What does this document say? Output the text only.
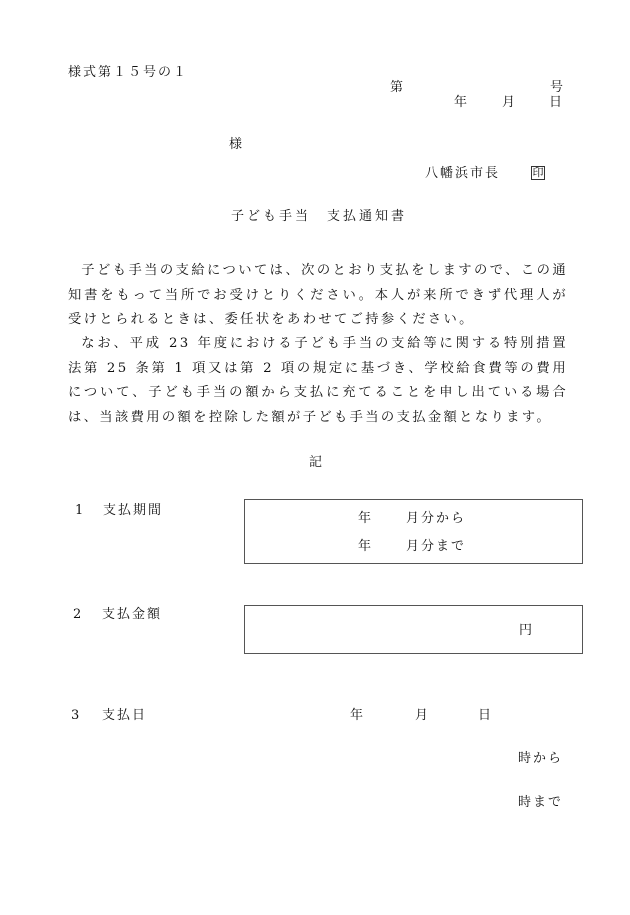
様式第１５号の１
第	号
年	月 日
様
八幡浜市長	印
子ども手当　支払通知書

子ども手当の支給については、次のとおり支払をしますので、この通知書をもって当所でお受けとりください。本人が来所できず代理人が受けとられるときは、委任状をあわせてご持参ください。

なお、平成 23 年度における子ども手当の支給等に関する特別措置法第 25 条第 1 項又は第 2 項の規定に基づき、学校給食費等の費用について、子ども手当の額から支払に充てることを申し出ている場合は、当該費用の額を控除した額が子ども手当の支払金額となります。

記
1 支払期間
年	月分から
年	月分まで
2 支払金額
円
3 支払日	年	月	日
時から
時まで
